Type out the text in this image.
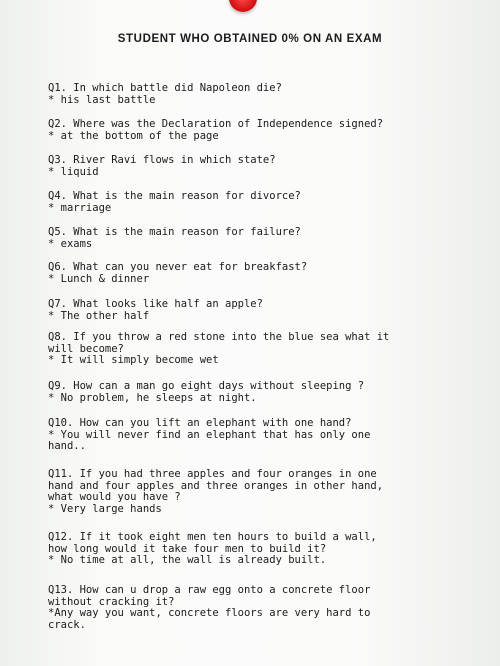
STUDENT WHO OBTAINED 0% ON AN EXAM
Q1. In which battle did Napoleon die?
* his last battle
Q2. Where was the Declaration of Independence signed?
* at the bottom of the page
Q3. River Ravi flows in which state?
* liquid
Q4. What is the main reason for divorce?
* marriage
Q5. What is the main reason for failure?
* exams
Q6. What can you never eat for breakfast?
* Lunch & dinner
Q7. What looks like half an apple?
* The other half
Q8. If you throw a red stone into the blue sea what it
will become?
* It will simply become wet
Q9. How can a man go eight days without sleeping ?
* No problem, he sleeps at night.
Q10. How can you lift an elephant with one hand?
* You will never find an elephant that has only one
hand..
Q11. If you had three apples and four oranges in one
hand and four apples and three oranges in other hand,
what would you have ?
* Very large hands
Q12. If it took eight men ten hours to build a wall,
how long would it take four men to build it?
* No time at all, the wall is already built.
Q13. How can u drop a raw egg onto a concrete floor
without cracking it?
*Any way you want, concrete floors are very hard to
crack.
